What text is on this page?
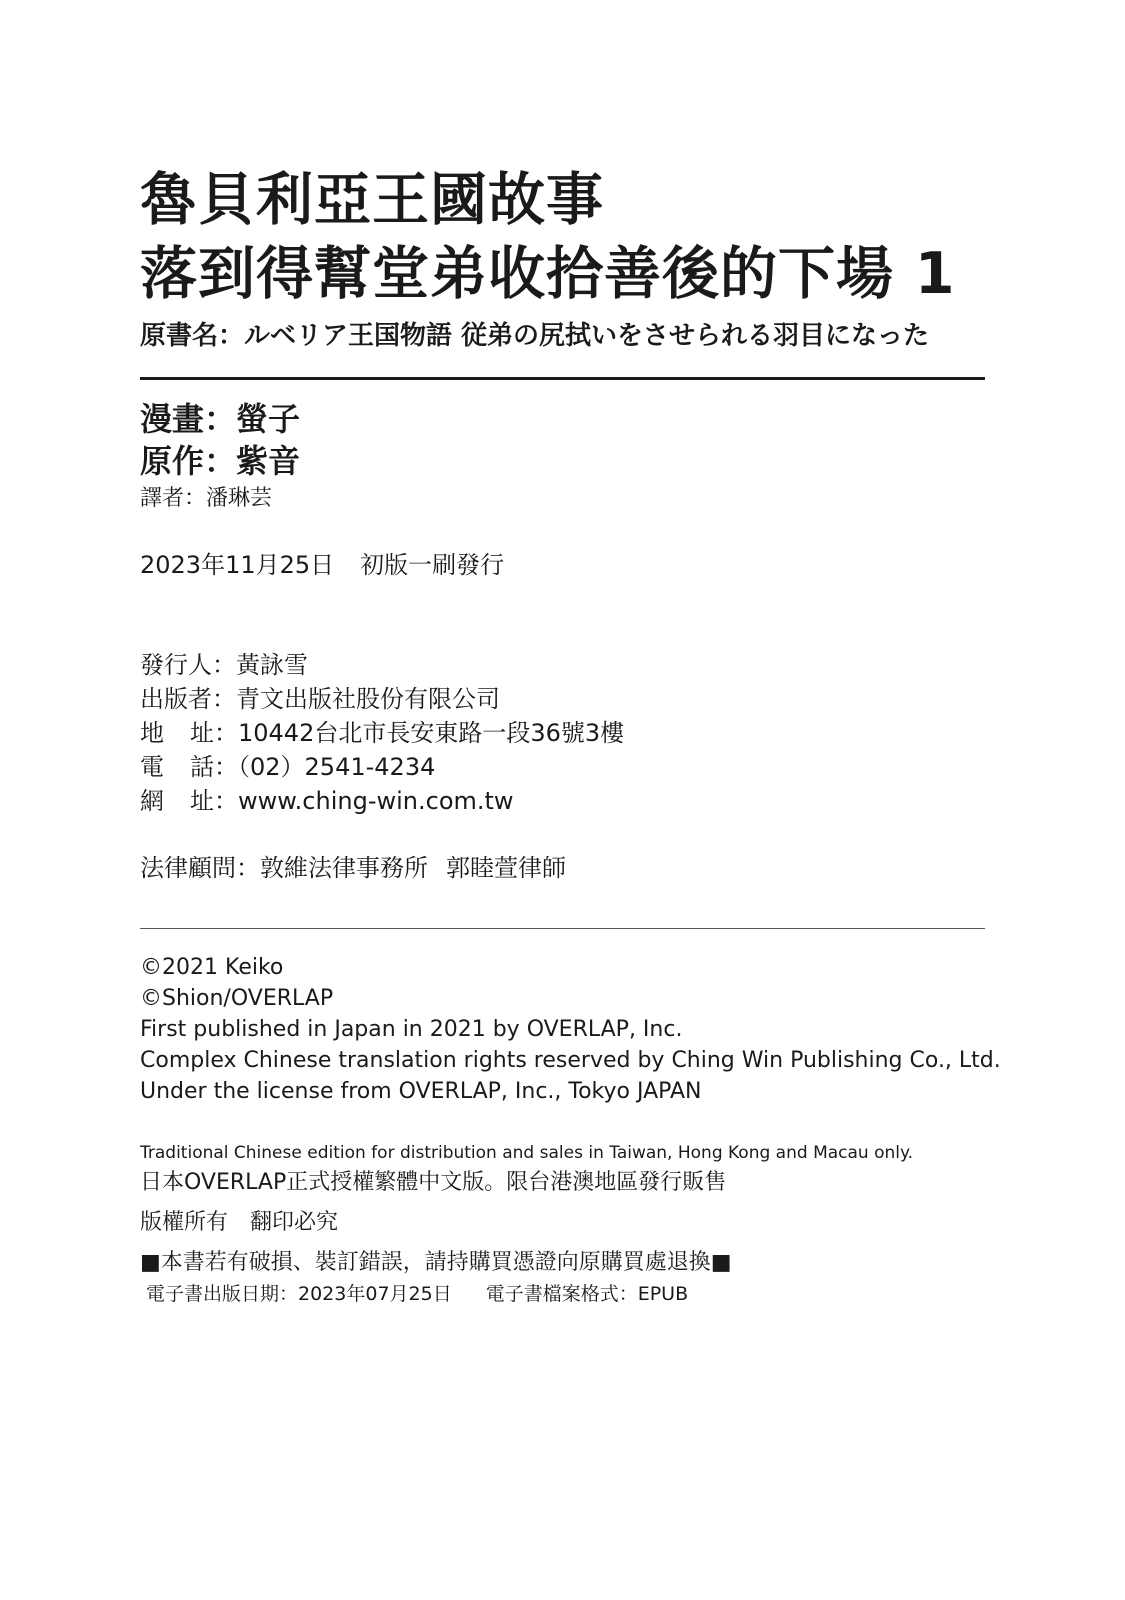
魯貝利亞王國故事
落到得幫堂弟收拾善後的下場 1
原書名：ルベリア王国物語 従弟の尻拭いをさせられる羽目になった
漫畫：螢子
原作：紫音
譯者：潘琳芸
2023年11月25日 初版一刷發行
發行人：黃詠雪
出版者：青文出版社股份有限公司
地 址：10442台北市長安東路一段36號3樓
電 話：（02）2541-4234
網 址：www.ching-win.com.tw
法律顧問：敦維法律事務所 郭睦萱律師
©2021 Keiko
©Shion/OVERLAP
First published in Japan in 2021 by OVERLAP, Inc.
Complex Chinese translation rights reserved by Ching Win Publishing Co., Ltd.
Under the license from OVERLAP, Inc., Tokyo JAPAN
Traditional Chinese edition for distribution and sales in Taiwan, Hong Kong and Macau only.
日本OVERLAP正式授權繁體中文版。限台港澳地區發行販售
版權所有 翻印必究
■本書若有破損、裝訂錯誤，請持購買憑證向原購買處退換■
電子書出版日期：2023年07月25日 電子書檔案格式：EPUB
